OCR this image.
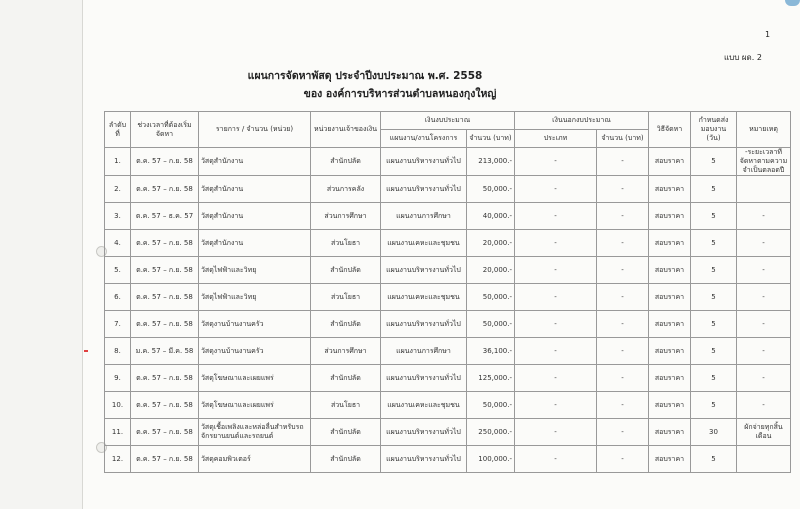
1
แบบ ผด. 2
แผนการจัดหาพัสดุ ประจำปีงบประมาณ พ.ศ. 2558
ของ องค์การบริหารส่วนตำบลหนองกุงใหญ่
ลำดับที่	ช่วงเวลาที่ต้องเริ่มจัดหา	รายการ / จำนวน (หน่วย)	หน่วยงานเจ้าของเงิน	เงินงบประมาณ		เงินนอกงบประมาณ		วิธีจัดหา	กำหนดส่งมอบงาน (วัน)	หมายเหตุ
				แผนงาน/งานโครงการ	จำนวน (บาท)	ประเภท	จำนวน (บาท)			
1.	ต.ค. 57 – ก.ย. 58	วัสดุสำนักงาน	สำนักปลัด	แผนงานบริหารงานทั่วไป	213,000.-	-	-	สอบราคา	5	-ระยะเวลาที่จัดหาตามความจำเป็นตลอดปี
2.	ต.ค. 57 – ก.ย. 58	วัสดุสำนักงาน	ส่วนการคลัง	แผนงานบริหารงานทั่วไป	50,000.-	-	-	สอบราคา	5	
3.	ต.ค. 57 – ธ.ค. 57	วัสดุสำนักงาน	ส่วนการศึกษา	แผนงานการศึกษา	40,000.-	-	-	สอบราคา	5	-
4.	ต.ค. 57 – ก.ย. 58	วัสดุสำนักงาน	ส่วนโยธา	แผนงานเคหะและชุมชน	20,000.-	-	-	สอบราคา	5	-
5.	ต.ค. 57 – ก.ย. 58	วัสดุไฟฟ้าและวิทยุ	สำนักปลัด	แผนงานบริหารงานทั่วไป	20,000.-	-	-	สอบราคา	5	-
6.	ต.ค. 57 – ก.ย. 58	วัสดุไฟฟ้าและวิทยุ	ส่วนโยธา	แผนงานเคหะและชุมชน	50,000.-	-	-	สอบราคา	5	-
7.	ต.ค. 57 – ก.ย. 58	วัสดุงานบ้านงานครัว	สำนักปลัด	แผนงานบริหารงานทั่วไป	50,000.-	-	-	สอบราคา	5	-
8.	ม.ค. 57 – มี.ค. 58	วัสดุงานบ้านงานครัว	ส่วนการศึกษา	แผนงานการศึกษา	36,100.-	-	-	สอบราคา	5	-
9.	ต.ค. 57 – ก.ย. 58	วัสดุโฆษณาและเผยแพร่	สำนักปลัด	แผนงานบริหารงานทั่วไป	125,000.-	-	-	สอบราคา	5	-
10.	ต.ค. 57 – ก.ย. 58	วัสดุโฆษณาและเผยแพร่	ส่วนโยธา	แผนงานเคหะและชุมชน	50,000.-	-	-	สอบราคา	5	-
11.	ต.ค. 57 – ก.ย. 58	วัสดุเชื้อเพลิงและหล่อลื่นสำหรับรถจักรยานยนต์และรถยนต์	สำนักปลัด	แผนงานบริหารงานทั่วไป	250,000.-	-	-	สอบราคา	30	ผักจ่ายทุกสิ้นเดือน
12.	ต.ค. 57 – ก.ย. 58	วัสดุคอมพิวเตอร์	สำนักปลัด	แผนงานบริหารงานทั่วไป	100,000.-	-	-	สอบราคา	5	
